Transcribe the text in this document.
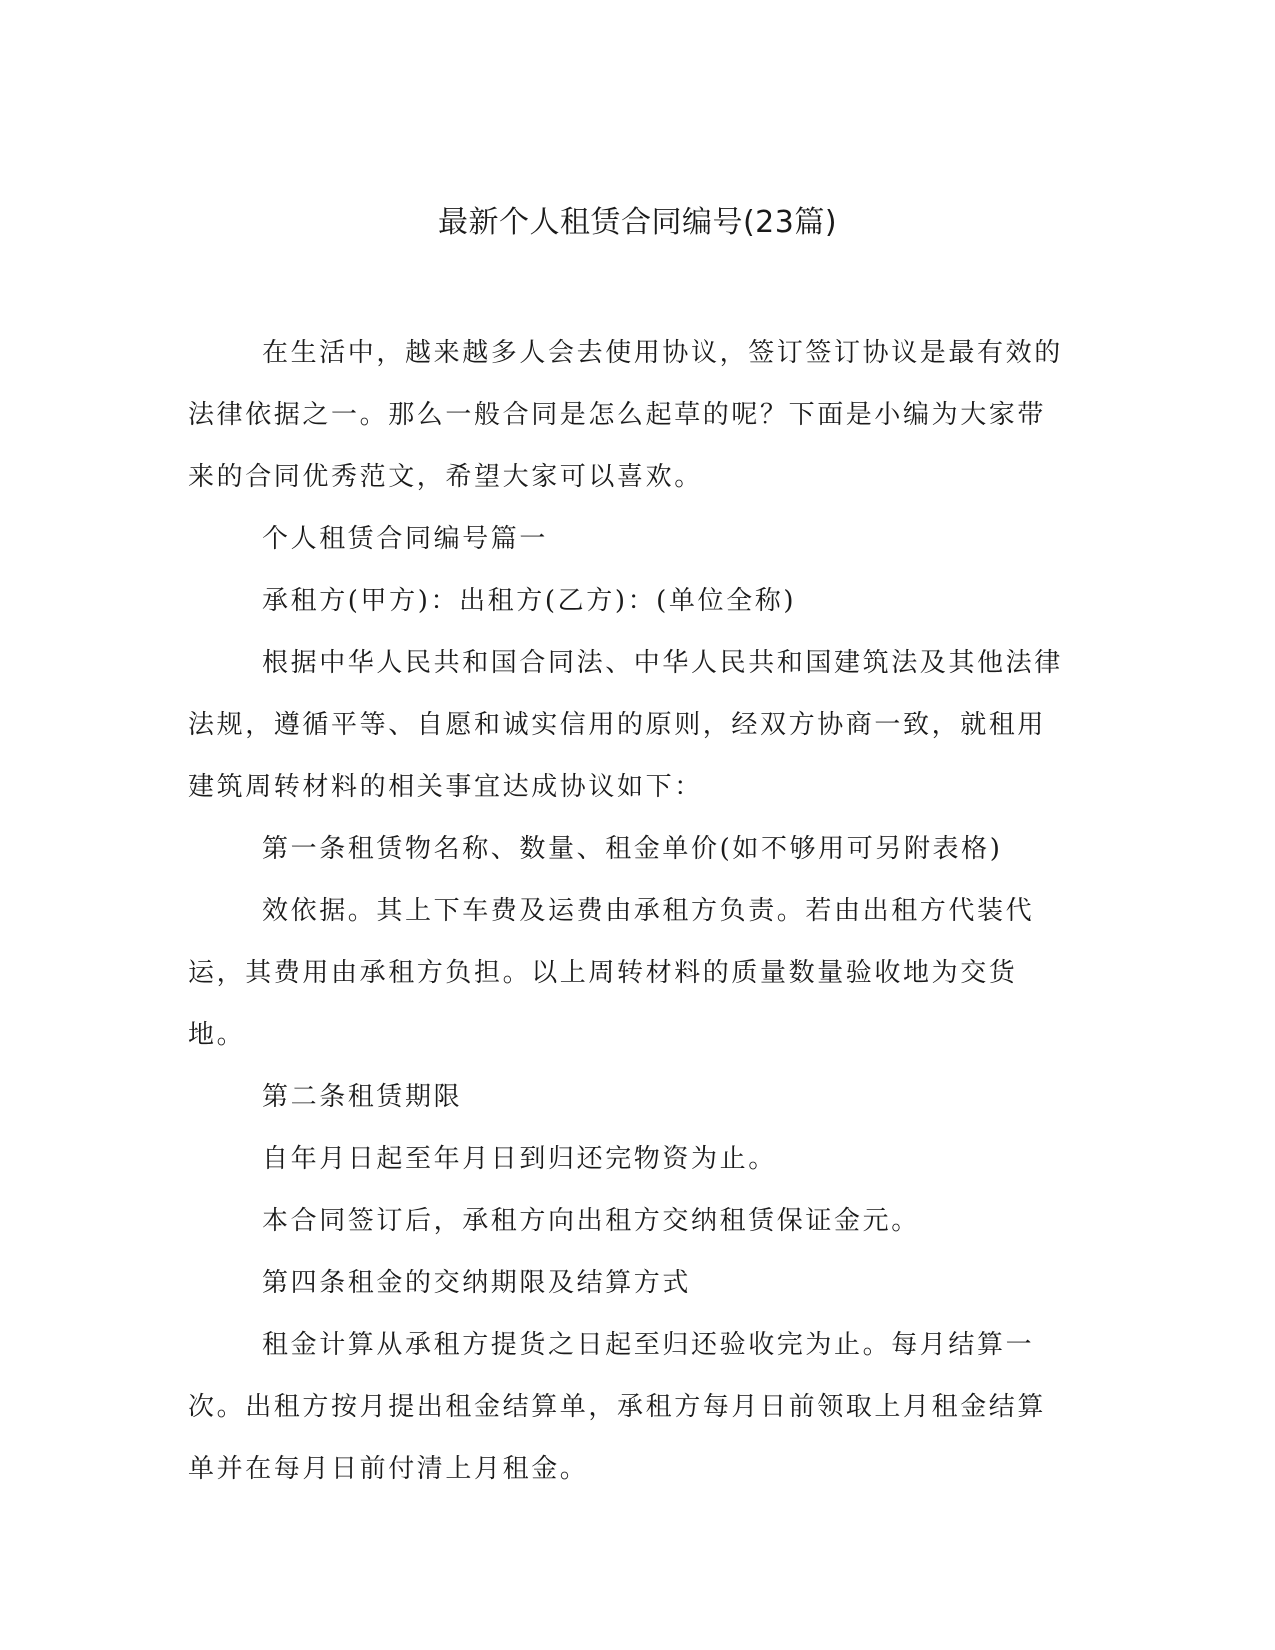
最新个人租赁合同编号(23篇)

在生活中，越来越多人会去使用协议，签订签订协议是最有效的法律依据之一。那么一般合同是怎么起草的呢？下面是小编为大家带来的合同优秀范文，希望大家可以喜欢。

个人租赁合同编号篇一

承租方(甲方)：出租方(乙方)：(单位全称)

根据中华人民共和国合同法、中华人民共和国建筑法及其他法律法规，遵循平等、自愿和诚实信用的原则，经双方协商一致，就租用建筑周转材料的相关事宜达成协议如下：

第一条租赁物名称、数量、租金单价(如不够用可另附表格)

效依据。其上下车费及运费由承租方负责。若由出租方代装代运，其费用由承租方负担。以上周转材料的质量数量验收地为交货地。

第二条租赁期限

自年月日起至年月日到归还完物资为止。

本合同签订后，承租方向出租方交纳租赁保证金元。

第四条租金的交纳期限及结算方式

租金计算从承租方提货之日起至归还验收完为止。每月结算一次。出租方按月提出租金结算单，承租方每月日前领取上月租金结算单并在每月日前付清上月租金。
